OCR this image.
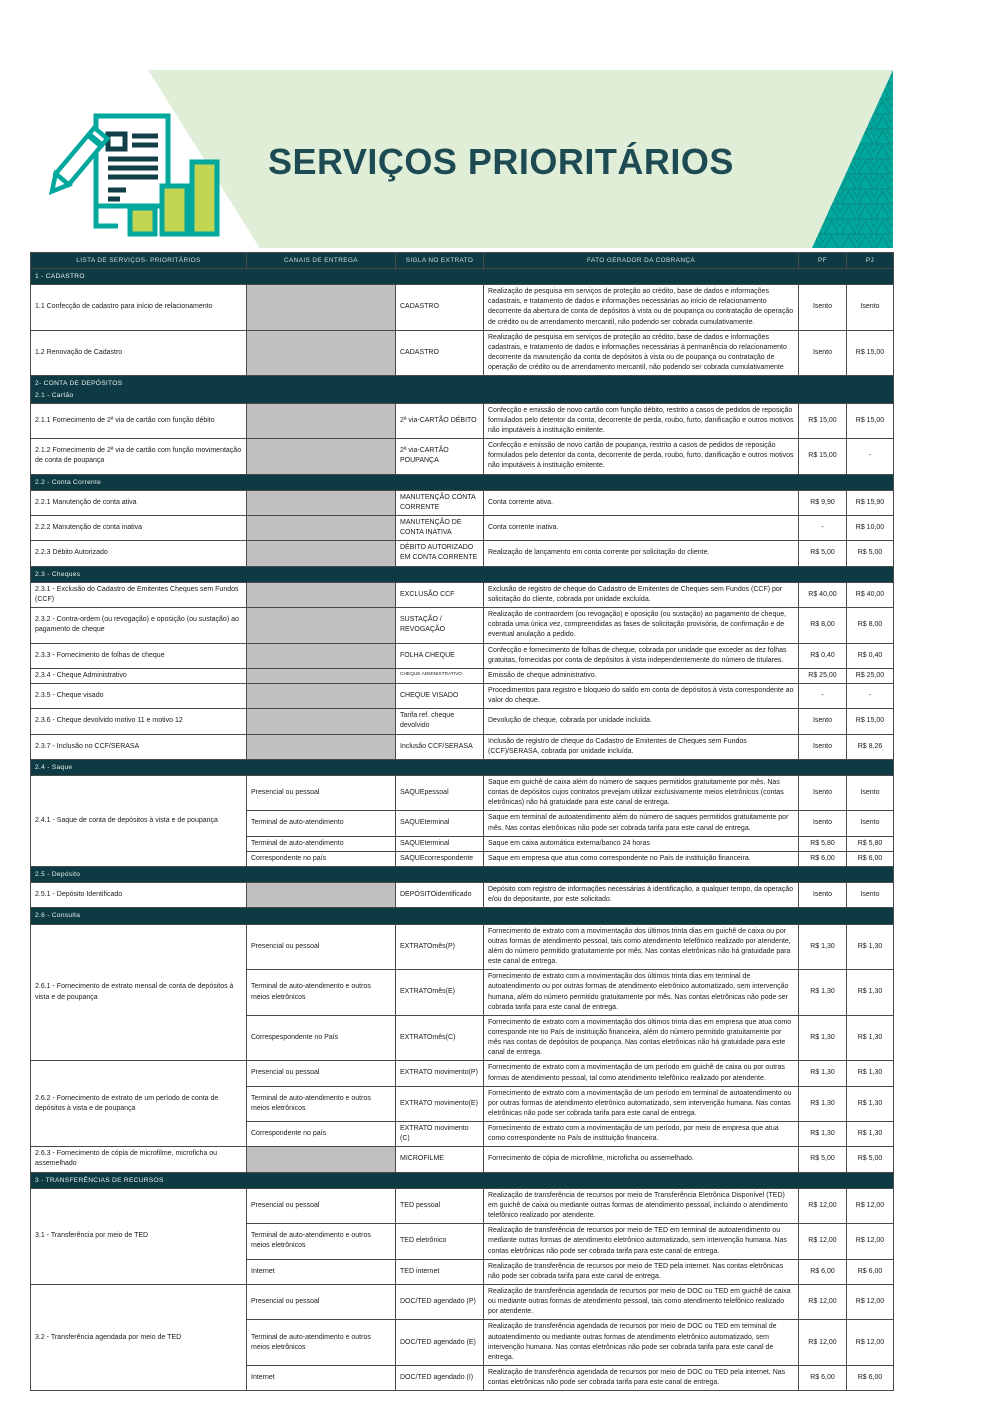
SERVIÇOS PRIORITÁRIOS
LISTA DE SERVIÇOS- PRIORITÁRIOS	CANAIS DE ENTREGA	SIGLA NO EXTRATO	FATO GERADOR DA COBRANÇA	PF	PJ

1 - CADASTRO					

1.1 Confecção de cadastro para início de relacionamento		CADASTRO	Realização de pesquisa em serviços de proteção ao crédito, base de dados e informações cadastrais, e tratamento de dados e informações necessárias ao início de relacionamento decorrente da abertura de conta de depósitos à vista ou de poupança ou contratação de operação de crédito ou de arrendamento mercantil, não podendo ser cobrada cumulativamente.	Isento	Isento
1.2 Renovação de Cadastro		CADASTRO	Realização de pesquisa em serviços de proteção ao crédito, base de dados e informações cadastrais, e tratamento de dados e informações necessárias à permanência do relacionamento decorrente da manutenção da conta de depósitos à vista ou de poupança ou contratação de operação de crédito ou de arrendamento mercantil, não podendo ser cobrada cumulativamente	Isento	R$ 15,00

2- CONTA DE DEPÓSITOS
2.1 - Cartão					

2.1.1 Fornecimento de 2ª via de cartão com função débito		2ª via-CARTÃO DÉBITO	Confecção e emissão de novo cartão com função débito, restrito a casos de pedidos de reposição formulados pelo detentor da conta, decorrente de perda, roubo, furto, danificação e outros motivos não imputáveis à instituição emitente.	R$ 15,00	R$ 15,00
2.1.2 Fornecimento de 2ª via de cartão com função movimentação de conta de poupança		2ª via-CARTÃO POUPANÇA	Confecção e emissão de novo cartão de poupança, restrito a casos de pedidos de reposição formulados pelo detentor da conta, decorrente de perda, roubo, furto, danificação e outros motivos não imputáveis à instituição emitente.	R$ 15,00	-

2.2 - Conta Corrente					

2.2.1 Manutenção de conta ativa		MANUTENÇÃO CONTA CORRENTE	Conta corrente ativa.	R$ 9,90	R$ 15,90
2.2.2 Manutenção de conta inativa		MANUTENÇÃO DE CONTA INATIVA	Conta corrente inativa.	-	R$ 10,00
2.2.3 Débito Autorizado		DÉBITO AUTORIZADO EM CONTA CORRENTE	Realização de lançamento em conta corrente por solicitação do cliente.	R$ 5,00	R$ 5,00

2.3 - Cheques					

2.3.1 - Exclusão do Cadastro de Emitentes Cheques sem Fundos (CCF)		EXCLUSÃO CCF	Exclusão de registro de cheque do Cadastro de Emitentes de Cheques sem Fundos (CCF) por solicitação do cliente, cobrada por unidade excluída.	R$ 40,00	R$ 40,00
2.3.2 - Contra-ordem (ou revogação) e oposição (ou sustação) ao pagamento de cheque		SUSTAÇÃO / REVOGAÇÃO	Realização de contraordem (ou revogação) e oposição (ou sustação) ao pagamento de cheque, cobrada uma única vez, compreendidas as fases de solicitação provisória, de confirmação e de eventual anulação a pedido.	R$ 8,00	R$ 8,00
2.3.3 - Fornecimento de folhas de cheque		FOLHA CHEQUE	Confecção e fornecimento de folhas de cheque, cobrada por unidade que exceder as dez folhas gratuitas, fornecidas por conta de depósitos à vista independentemente do número de titulares.	R$ 0,40	R$ 0,40
2.3.4 - Cheque Administrativo		CHEQUE ADMINISTRATIVO	Emissão de cheque administrativo.	R$ 25,00	R$ 25,00
2.3.5 - Cheque visado		CHEQUE VISADO	Procedimentos para registro e bloqueio do saldo em conta de depósitos à vista correspondente ao valor do cheque.	-	-
2.3.6 - Cheque devolvido motivo 11 e motivo 12		Tarifa ref. cheque devolvido	Devolução de cheque, cobrada por unidade incluída.	Isento	R$ 15,00
2.3.7 - Inclusão no CCF/SERASA		Inclusão CCF/SERASA	Inclusão de registro de cheque do Cadastro de Emitentes de Cheques sem Fundos (CCF)/SERASA, cobrada por unidade incluída.	Isento	R$ 8,26

2.4 - Saque					

2.4.1 - Saque de conta de depósitos à vista e de poupança	Presencial ou pessoal	SAQUEpessoal	Saque em guichê de caixa além do número de saques permitidos gratuitamente por mês. Nas contas de depósitos cujos contratos prevejam utilizar exclusivamente meios eletrônicos (contas eletrônicas) não há gratuidade para este canal de entrega.	Isento	Isento
	Terminal de auto-atendimento	SAQUEterminal	Saque em terminal de autoatendimento além do número de saques permitidos gratuitamente por mês. Nas contas eletrônicas não pode ser cobrada tarifa para este canal de entrega.	Isento	Isento
	Terminal de auto-atendimento	SAQUEterminal	Saque em caixa automática externa/banco 24 horas	R$ 5,80	R$ 5,80
	Correspondente no país	SAQUEcorrespondente	Saque em empresa que atua como correspondente no País de instituição financeira.	R$ 6,00	R$ 6,00

2.5 - Depósito					

2.5.1 - Depósito Identificado		DEPÓSITOidentificado	Depósito com registro de informações necessárias à identificação, a qualquer tempo, da operação e/ou do depositante, por este solicitado.	Isento	Isento

2.6 - Consulta					

2.6.1 - Fornecimento de extrato mensal de conta de depósitos à vista e de poupança	Presencial ou pessoal	EXTRATOmês(P)	Fornecimento de extrato com a movimentação dos últimos trinta dias em guichê de caixa ou por outras formas de atendimento pessoal, tais como atendimento telefônico realizado por atendente, além do número permitido gratuitamente por mês. Nas contas eletrônicas não há gratuidade para este canal de entrega.	R$ 1,30	R$ 1,30
	Terminal de auto-atendimento e outros meios eletrônicos	EXTRATOmês(E)	Fornecimento de extrato com a movimentação dos últimos trinta dias em terminal de autoatendimento ou por outras formas de atendimento eletrônico automatizado, sem intervenção humana, além do número permitido gratuitamente por mês. Nas contas eletrônicas não pode ser cobrada tarifa para este canal de entrega.	R$ 1,30	R$ 1,30
	Correspespondente no País	EXTRATOmês(C)	Fornecimento de extrato com a movimentação dos últimos trinta dias em empresa que atua como corresponde nte no País de instituição financeira, além do número permitido gratuitamente por mês nas contas de depósitos de poupança. Nas contas eletrônicas não há gratuidade para este canal de entrega.	R$ 1,30	R$ 1,30
2.6.2 - Fornecimento de extrato de um período de conta de depósitos à vista e de poupança	Presencial ou pessoal	EXTRATO movimento(P)	Fornecimento de extrato com a movimentação de um período em guichê de caixa ou por outras formas de atendimento pessoal, tal como atendimento telefônico realizado por atendente.	R$ 1,30	R$ 1,30
	Terminal de auto-atendimento e outros meios eletrônicos	EXTRATO movimento(E)	Fornecimento de extrato com a movimentação de um período em terminal de autoatendimento ou por outras formas de atendimento eletrônico automatizado, sem intervenção humana. Nas contas eletrônicas não pode ser cobrada tarifa para este canal de entrega.	R$ 1,30	R$ 1,30
	Correspondente no país	EXTRATO movimento (C)	Fornecimento de extrato com a movimentação de um período, por meio de empresa que atua como correspondente no País de instituição financeira.	R$ 1,30	R$ 1,30
2.6.3 - Fornecimento de cópia de microfilme, microficha ou assemelhado		MICROFILME	Fornecimento de cópia de microfilme, microficha ou assemelhado.	R$ 5,00	R$ 5,00

3 - TRANSFERÊNCIAS DE RECURSOS					

3.1 - Transferência por meio de TED	Presencial ou pessoal	TED pessoal	Realização de transferência de recursos por meio de Transferência Eletrônica Disponível (TED) em guichê de caixa ou mediante outras formas de atendimento pessoal, incluindo o atendimento telefônico realizado por atendente.	R$ 12,00	R$ 12,00
	Terminal de auto-atendimento e outros meios eletrônicos	TED eletrônico	Realização de transferência de recursos por meio de TED em terminal de autoatendimento ou mediante outras formas de atendimento eletrônico automatizado, sem intervenção humana. Nas contas eletrônicas não pode ser cobrada tarifa para este canal de entrega.	R$ 12,00	R$ 12,00
	Internet	TED internet	Realização de transferência de recursos por meio de TED pela internet. Nas contas eletrônicas não pode ser cobrada tarifa para este canal de entrega.	R$ 6,00	R$ 6,00
3.2 - Transferência agendada por meio de TED	Presencial ou pessoal	DOC/TED agendado (P)	Realização de transferência agendada de recursos por meio de DOC ou TED em guichê de caixa ou mediante outras formas de atendimento pessoal, tais como atendimento telefônico realizado por atendente.	R$ 12,00	R$ 12,00
	Terminal de auto-atendimento e outros meios eletrônicos	DOC/TED agendado (E)	Realização de transferência agendada de recursos por meio de DOC ou TED em terminal de autoatendimento ou mediante outras formas de atendimento eletrônico automatizado, sem intervenção humana. Nas contas eletrônicas não pode ser cobrada tarifa para este canal de entrega.	R$ 12,00	R$ 12,00
	Internet	DOC/TED agendado (I)	Realização de transferência agendada de recursos por meio de DOC ou TED pela internet. Nas contas eletrônicas não pode ser cobrada tarifa para este canal de entrega.	R$ 6,00	R$ 6,00
